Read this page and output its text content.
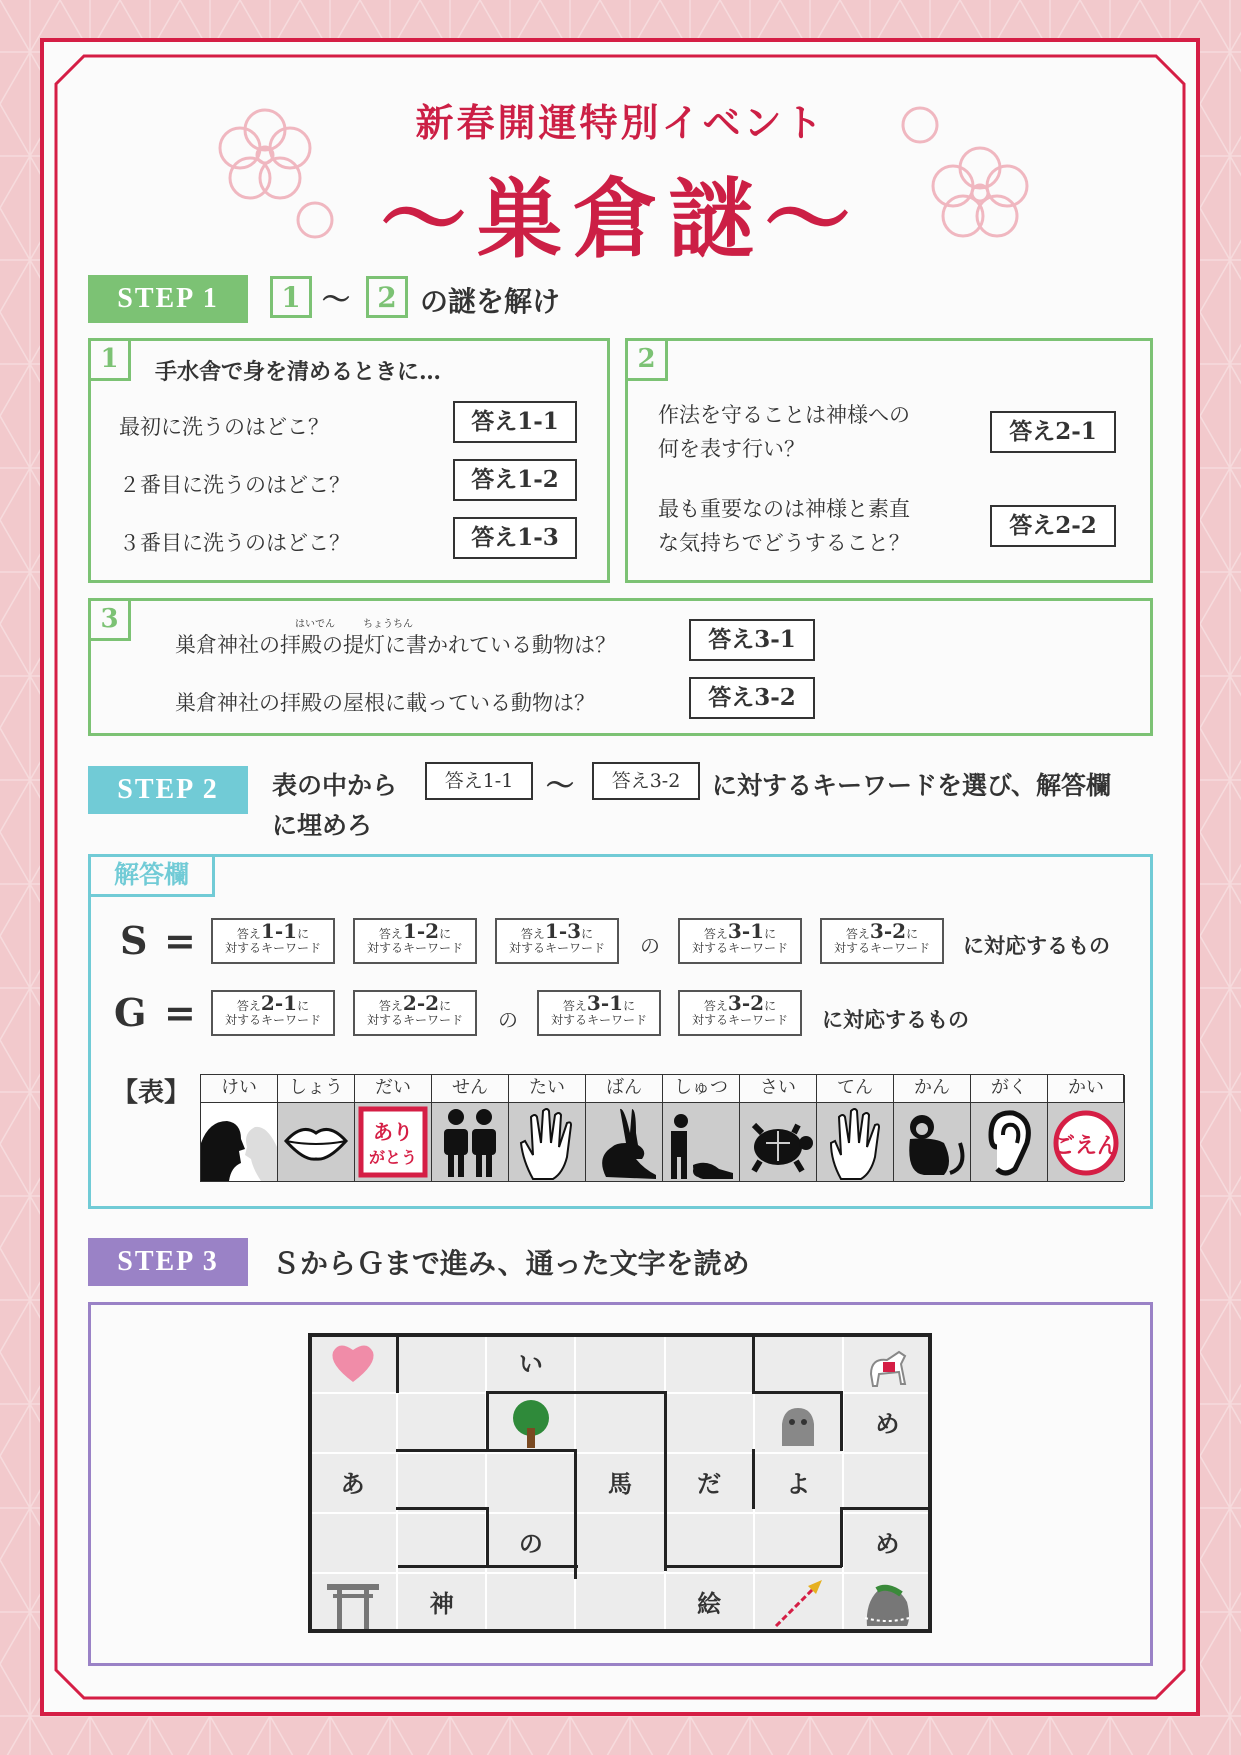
新春開運特別イベント
～巣倉謎～
STEP 1	1 ～ 2 の謎を解け
1	手水舎で身を清めるときに…
最初に洗うのはどこ？	答え1-1
２番目に洗うのはどこ？	答え1-2
３番目に洗うのはどこ？	答え1-3
2
作法を守ることは神様への
何を表す行い？
答え2-1
最も重要なのは神様と素直
な気持ちでどうすること？
答え2-2
3	はいでん	ちょうちん
巣倉神社の拝殿の提灯に書かれている動物は？	答え3-1
巣倉神社の拝殿の屋根に載っている動物は？	答え3-2
STEP 2	表の中から	答え1-1	～	答え3-2	に対するキーワードを選び、解答欄
に埋めろ
解答欄
S =	答え1-1に
対するキーワード
答え1-2に
対するキーワード
答え1-3に
対するキーワード
答え3-1に
対するキーワード
答え3-2に
対するキーワード
の	に対応するもの
G =	答え2-1に
対するキーワード
答え2-2に
対するキーワード
答え3-1に
対するキーワード
答え3-2に
対するキーワード
の	に対応するもの
【表】	けい	しょう	だい
あり
がとう
せん	たい	ばん	しゅつ	さい	てん	かん	がく	かい
ごえん
STEP 3	ＳからＧまで進み、通った文字を読め
い
め
あ	馬	だ	よ
の	め
神	絵
